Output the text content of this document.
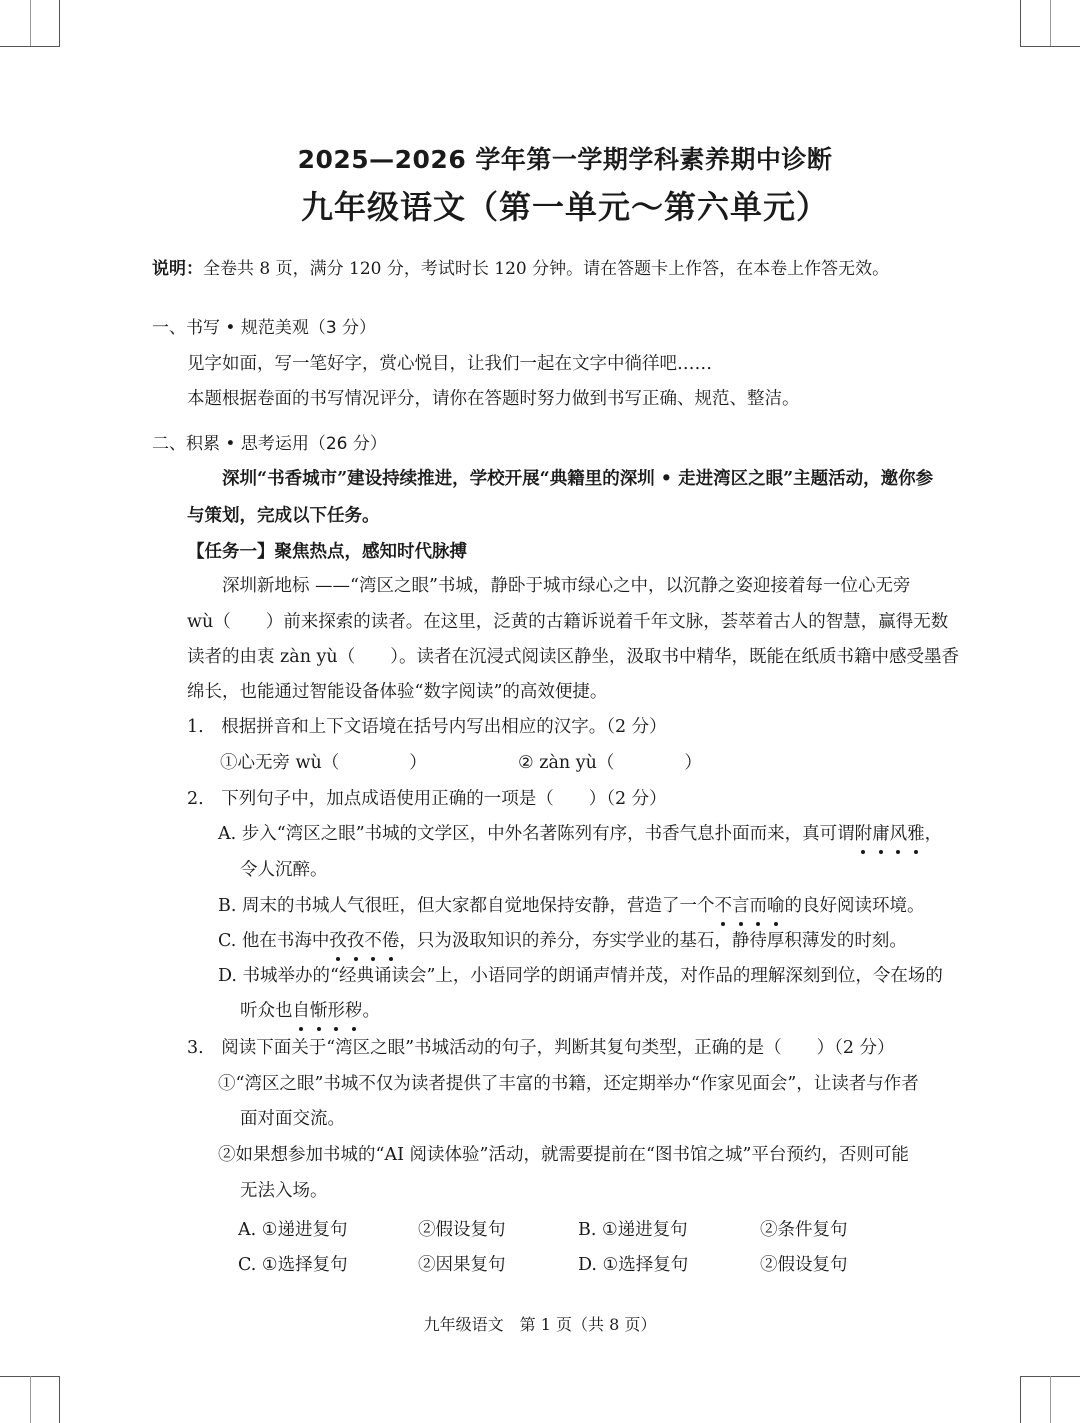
2025—2026 学年第一学期学科素养期中诊断
九年级语文（第一单元～第六单元）
说明：全卷共 8 页，满分 120 分，考试时长 120 分钟。请在答题卡上作答，在本卷上作答无效。
一、书写 • 规范美观（3 分）
见字如面，写一笔好字，赏心悦目，让我们一起在文字中徜徉吧……
本题根据卷面的书写情况评分，请你在答题时努力做到书写正确、规范、整洁。
二、积累 • 思考运用（26 分）
深圳“书香城市”建设持续推进，学校开展“典籍里的深圳 • 走进湾区之眼”主题活动，邀你参
与策划，完成以下任务。
【任务一】聚焦热点，感知时代脉搏
深圳新地标 ——“湾区之眼”书城，静卧于城市绿心之中，以沉静之姿迎接着每一位心无旁
wù（　　）前来探索的读者。在这里，泛黄的古籍诉说着千年文脉，荟萃着古人的智慧，赢得无数
读者的由衷 zàn yù（　　）。读者在沉浸式阅读区静坐，汲取书中精华，既能在纸质书籍中感受墨香
绵长，也能通过智能设备体验“数字阅读”的高效便捷。
1.　根据拼音和上下文语境在括号内写出相应的汉字。（2 分）
①心无旁 wù（　　　　）	② zàn yù（　　　　）
2.　下列句子中，加点成语使用正确的一项是（　　）（2 分）
A. 步入“湾区之眼”书城的文学区，中外名著陈列有序，书香气息扑面而来，真可谓附庸风雅，
令人沉醉。
B. 周末的书城人气很旺，但大家都自觉地保持安静，营造了一个不言而喻的良好阅读环境。
C. 他在书海中孜孜不倦，只为汲取知识的养分，夯实学业的基石，静待厚积薄发的时刻。
D. 书城举办的“经典诵读会”上，小语同学的朗诵声情并茂，对作品的理解深刻到位，令在场的
听众也自惭形秽。
3.　阅读下面关于“湾区之眼”书城活动的句子，判断其复句类型，正确的是（　　）（2 分）
①“湾区之眼”书城不仅为读者提供了丰富的书籍，还定期举办“作家见面会”，让读者与作者
面对面交流。
②如果想参加书城的“AI 阅读体验”活动，就需要提前在“图书馆之城”平台预约，否则可能
无法入场。
A. ①递进复句	②假设复句	B. ①递进复句	②条件复句
C. ①选择复句	②因果复句	D. ①选择复句	②假设复句
九年级语文　第 1 页（共 8 页）
